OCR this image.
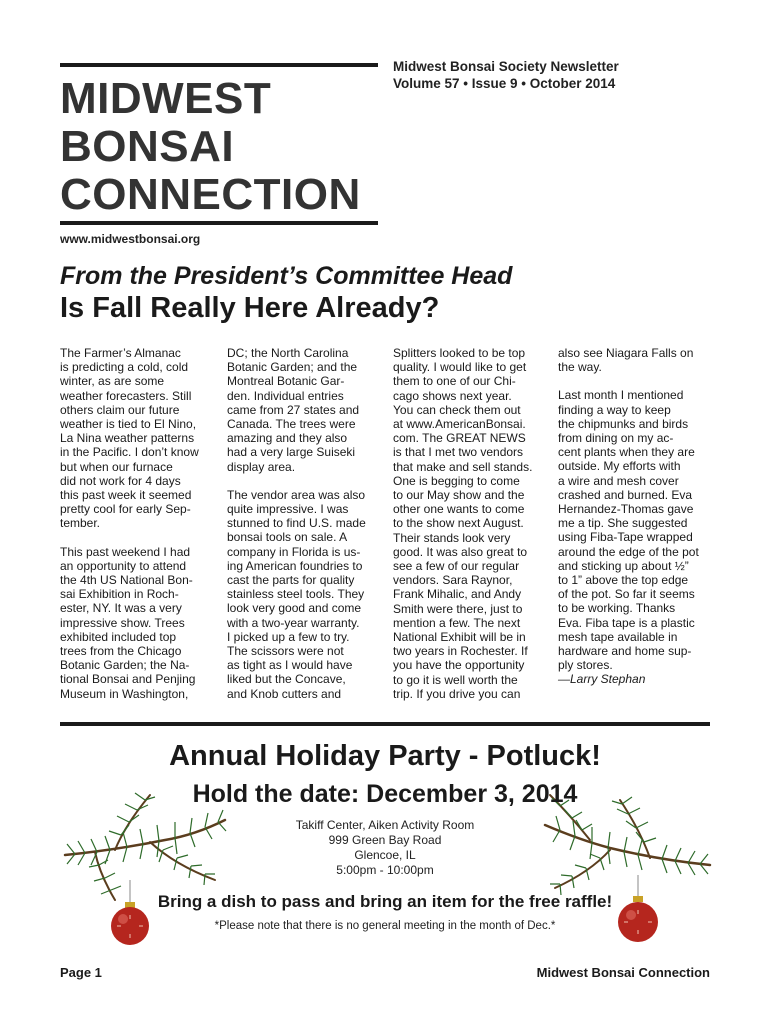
MIDWEST
BONSAI
CONNECTION
Midwest Bonsai Society Newsletter
Volume 57 • Issue 9 • October 2014
www.midwestbonsai.org
From the President’s Committee Head
Is Fall Really Here Already?

The Farmer’s Almanac
is predicting a cold, cold
winter, as are some
weather forecasters. Still
others claim our future
weather is tied to El Nino,
La Nina weather patterns
in the Pacific. I don’t know
but when our furnace
did not work for 4 days
this past week it seemed
pretty cool for early Sep-
tember.

This past weekend I had
an opportunity to attend
the 4th US National Bon-
sai Exhibition in Roch-
ester, NY. It was a very
impressive show. Trees
exhibited included top
trees from the Chicago
Botanic Garden; the Na-
tional Bonsai and Penjing
Museum in Washington,

DC; the North Carolina
Botanic Garden; and the
Montreal Botanic Gar-
den. Individual entries
came from 27 states and
Canada. The trees were
amazing and they also
had a very large Suiseki
display area.

The vendor area was also
quite impressive. I was
stunned to find U.S. made
bonsai tools on sale. A
company in Florida is us-
ing American foundries to
cast the parts for quality
stainless steel tools. They
look very good and come
with a two-year warranty.
I picked up a few to try.
The scissors were not
as tight as I would have
liked but the Concave,
and Knob cutters and

Splitters looked to be top
quality. I would like to get
them to one of our Chi-
cago shows next year.
You can check them out
at www.AmericanBonsai.
com. The GREAT NEWS
is that I met two vendors
that make and sell stands.
One is begging to come
to our May show and the
other one wants to come
to the show next August.
Their stands look very
good. It was also great to
see a few of our regular
vendors. Sara Raynor,
Frank Mihalic, and Andy
Smith were there, just to
mention a few. The next
National Exhibit will be in
two years in Rochester. If
you have the opportunity
to go it is well worth the
trip. If you drive you can

also see Niagara Falls on
the way.

Last month I mentioned
finding a way to keep
the chipmunks and birds
from dining on my ac-
cent plants when they are
outside. My efforts with
a wire and mesh cover
crashed and burned. Eva
Hernandez-Thomas gave
me a tip. She suggested
using Fiba-Tape wrapped
around the edge of the pot
and sticking up about ½”
to 1” above the top edge
of the pot. So far it seems
to be working. Thanks
Eva. Fiba tape is a plastic
mesh tape available in
hardware and home sup-
ply stores.

—Larry Stephan

Annual Holiday Party - Potluck!
Hold the date: December 3, 2014
Takiff Center, Aiken Activity Room
999 Green Bay Road
Glencoe, IL
5:00pm - 10:00pm
Bring a dish to pass and bring an item for the free raffle!
*Please note that there is no general meeting in the month of Dec.*
Page 1	Midwest Bonsai Connection
